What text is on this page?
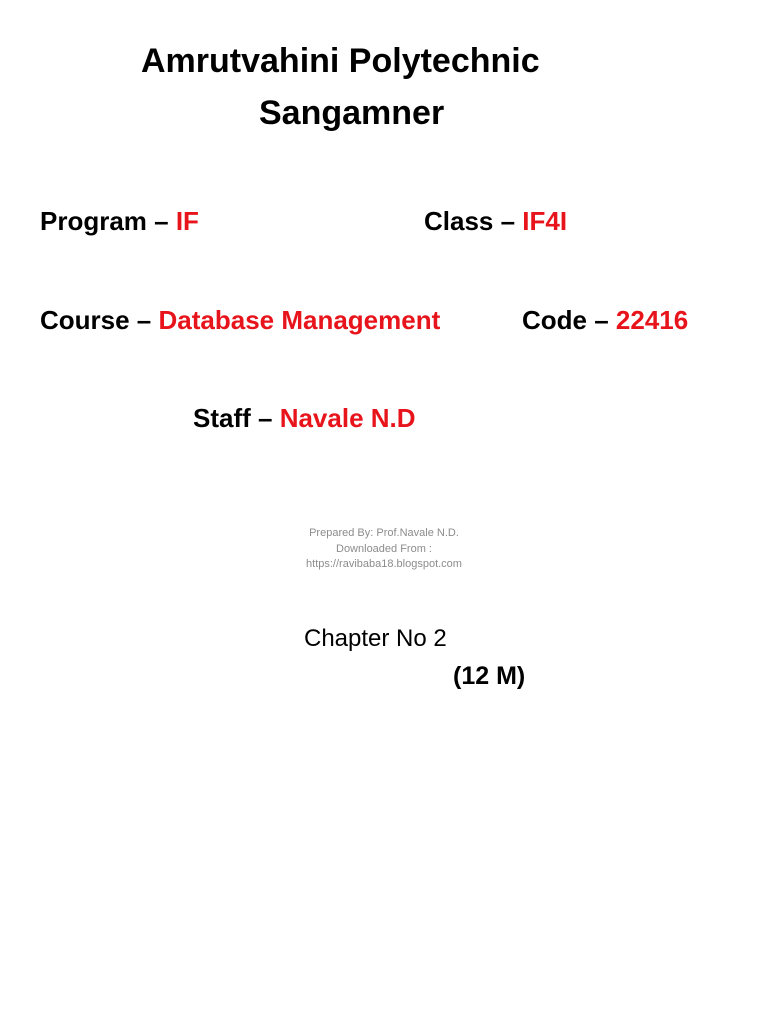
Amrutvahini Polytechnic
Sangamner
Program – IF	Class – IF4I
Course – Database Management	Code – 22416
Staff – Navale N.D
Prepared By: Prof.Navale N.D.
Downloaded From :
https://ravibaba18.blogspot.com
Chapter No 2
(12 M)
